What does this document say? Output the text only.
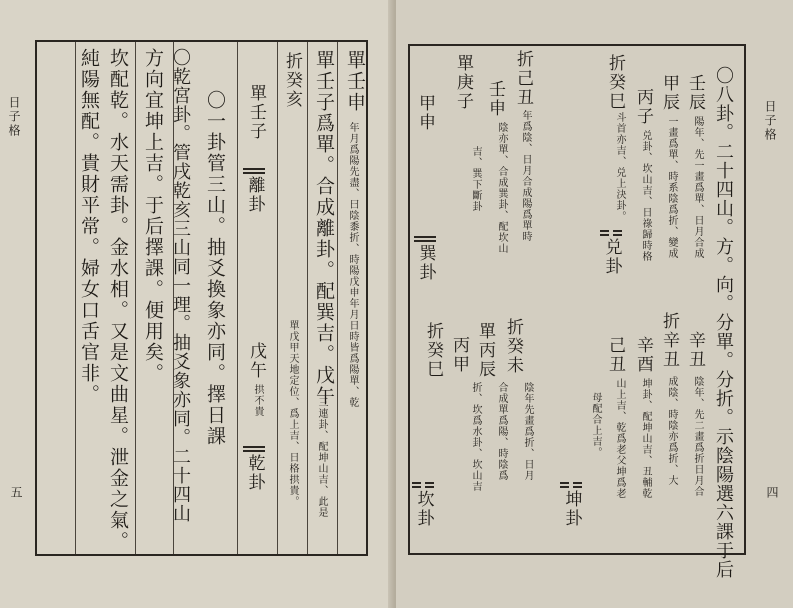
日子格
五
單壬申
年月爲陽先盡、曰陰黍折、時陽戊申年月日時皆爲陽單、乾
單壬子爲單。合成離卦。配巽吉。戊午
三連卦、配坤山吉、此是
折癸亥
單戊甲天地定位、爲上吉、日格拱貴。
單壬子
離卦
戊午
拱不貴
乾卦
〇一卦管三山。抽爻換象亦同。擇日課
〇乾宮卦。管戌乾亥三山同一理。抽爻象亦同。二十四山
方向宜坤上吉。于后擇課。便用矣。
坎配乾。水天需卦。金水相。又是文曲星。泄金之氣。
純陽無配。貴財平常。婦女口舌官非。	日子格
四
〇八卦。二十四山。方。向。分單。分折。示陰陽選六課于后
壬辰
陽年、先一畫爲單、日月合成
辛丑
陰年、先二畫爲折日月合
甲辰
一畫爲單、時系陰爲折、變成
折辛丑
成陰、時陰亦爲折、大
丙子
兑卦、坎山吉、日祿歸時格
辛酉
坤卦、配坤山吉、丑輔乾
折癸巳
斗首亦吉、兑上決卦。
兑卦
己丑
山上吉、乾爲老父坤爲老
母配合上吉。
坤卦
折己丑
年爲陰、日月合成陽爲單時
折癸未
陰年先畫爲折、日月
壬申
陰亦單、合成巽卦、配坎山
單丙辰
合成單爲陽、時陰爲
單庚子
吉、巽下斷卦
丙甲
折、坎爲水卦、坎山吉
甲申
巽卦
折癸巳
坎卦
